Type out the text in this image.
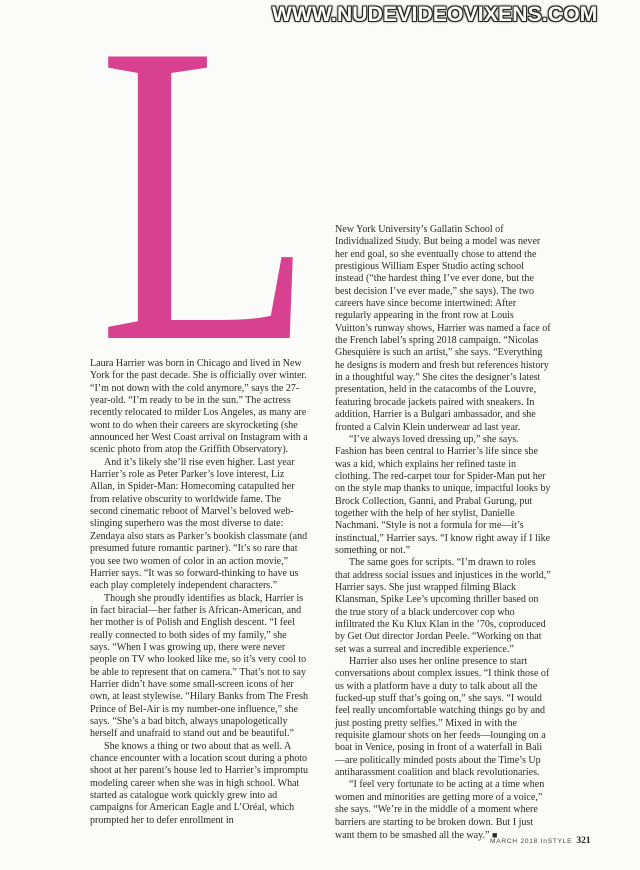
WWW.NUDEVIDEOVIXENS.COM
L

Laura Harrier was born in Chicago and lived in New York for the past decade. She is officially over winter. “I’m not down with the cold anymore,” says the 27-year-old. “I’m ready to be in the sun.” The actress recently relocated to milder Los Angeles, as many are wont to do when their careers are skyrocketing (she announced her West Coast arrival on Instagram with a scenic photo from atop the Griffith Observatory).

And it’s likely she’ll rise even higher. Last year Harrier’s role as Peter Parker’s love interest, Liz Allan, in Spider-Man: Homecoming catapulted her from relative obscurity to worldwide fame. The second cinematic reboot of Marvel’s beloved web-slinging superhero was the most diverse to date: Zendaya also stars as Parker’s bookish classmate (and presumed future romantic partner). “It’s so rare that you see two women of color in an action movie,” Harrier says. “It was so forward-thinking to have us each play completely independent characters.”

Though she proudly identifies as black, Harrier is in fact biracial—her father is African-American, and her mother is of Polish and English descent. “I feel really connected to both sides of my family,” she says. “When I was growing up, there were never people on TV who looked like me, so it’s very cool to be able to represent that on camera.” That’s not to say Harrier didn’t have some small-screen icons of her own, at least stylewise. “Hilary Banks from The Fresh Prince of Bel-Air is my number-one influence,” she says. “She’s a bad bitch, always unapologetically herself and unafraid to stand out and be beautiful.”

She knows a thing or two about that as well. A chance encounter with a location scout during a photo shoot at her parent’s house led to Harrier’s impromptu modeling career when she was in high school. What started as catalogue work quickly grew into ad campaigns for American Eagle and L’Oréal, which prompted her to defer enrollment in

New York University’s Gallatin School of Individualized Study. But being a model was never her end goal, so she eventually chose to attend the prestigious William Esper Studio acting school instead (“the hardest thing I’ve ever done, but the best decision I’ve ever made,” she says). The two careers have since become intertwined: After regularly appearing in the front row at Louis Vuitton’s runway shows, Harrier was named a face of the French label’s spring 2018 campaign. “Nicolas Ghesquière is such an artist,” she says. “Everything he designs is modern and fresh but references history in a thoughtful way.” She cites the designer’s latest presentation, held in the catacombs of the Louvre, featuring brocade jackets paired with sneakers. In addition, Harrier is a Bulgari ambassador, and she fronted a Calvin Klein underwear ad last year.

“I’ve always loved dressing up,” she says. Fashion has been central to Harrier’s life since she was a kid, which explains her refined taste in clothing. The red-carpet tour for Spider-Man put her on the style map thanks to unique, impactful looks by Brock Collection, Ganni, and Prabal Gurung, put together with the help of her stylist, Danielle Nachmani. “Style is not a formula for me—it’s instinctual,” Harrier says. “I know right away if I like something or not.”

The same goes for scripts. “I’m drawn to roles that address social issues and injustices in the world,” Harrier says. She just wrapped filming Black Klansman, Spike Lee’s upcoming thriller based on the true story of a black undercover cop who infiltrated the Ku Klux Klan in the ’70s, coproduced by Get Out director Jordan Peele. “Working on that set was a surreal and incredible experience.”

Harrier also uses her online presence to start conversations about complex issues. “I think those of us with a platform have a duty to talk about all the fucked-up stuff that’s going on,” she says. “I would feel really uncomfortable watching things go by and just posting pretty selfies.” Mixed in with the requisite glamour shots on her feeds—lounging on a boat in Venice, posing in front of a waterfall in Bali—are politically minded posts about the Time’s Up antiharassment coalition and black revolutionaries.

“I feel very fortunate to be acting at a time when women and minorities are getting more of a voice,” she says. “We’re in the middle of a moment where barriers are starting to be broken down. But I just want them to be smashed all the way.” ■

MARCH 2018 InSTYLE 321
